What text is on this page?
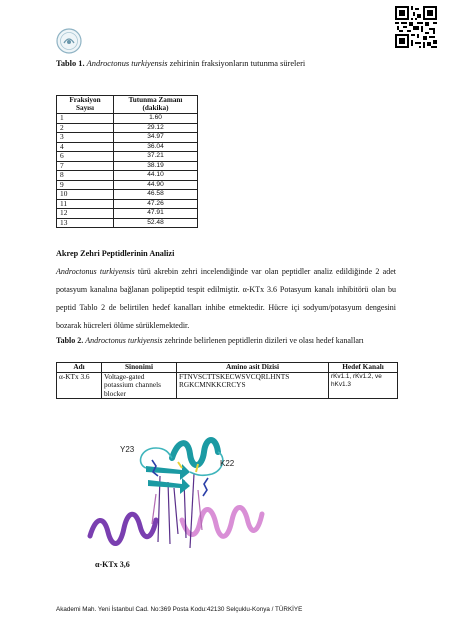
Tablo 1. Androctonus turkiyensis zehirinin fraksiyonların tutunma süreleri
Fraksiyon Sayısı	Tutunma Zamanı (dakika)
1	1.60
2	29.12
3	34.97
4	36.04
6	37.21
7	38.19
8	44.10
9	44.90
10	46.58
11	47.26
12	47.91
13	52.48
Akrep Zehri Peptidlerinin Analizi
Androctonus turkiyensis türü akrebin zehri incelendiğinde var olan peptidler analiz edildiğinde 2 adet potasyum kanalına bağlanan polipeptid tespit edilmiştir. α-KTx 3.6 Potasyum kanalı inhibitörü olan bu peptid Tablo 2 de belirtilen hedef kanalları inhibe etmektedir. Hücre içi sodyum/potasyum dengesini bozarak hücreleri ölüme sürüklemektedir.
Tablo 2. Androctonus turkiyensis zehrinde belirlenen peptidlerin dizileri ve olası hedef kanalları
Adı	Sinonimi	Amino asit Dizisi	Hedef Kanalı
α-KTx 3.6	Voltage-gated potassium channels blocker	FTNVSCTTSKECWSVCQRLHNTS
RGKCMNKKCRCYS	rKv1.1, rKv1.2, ve hKv1.3
Y23
K22
α-KTx 3,6
Akademi Mah. Yeni İstanbul Cad. No:369 Posta Kodu:42130 Selçuklu-Konya / TÜRKİYE
